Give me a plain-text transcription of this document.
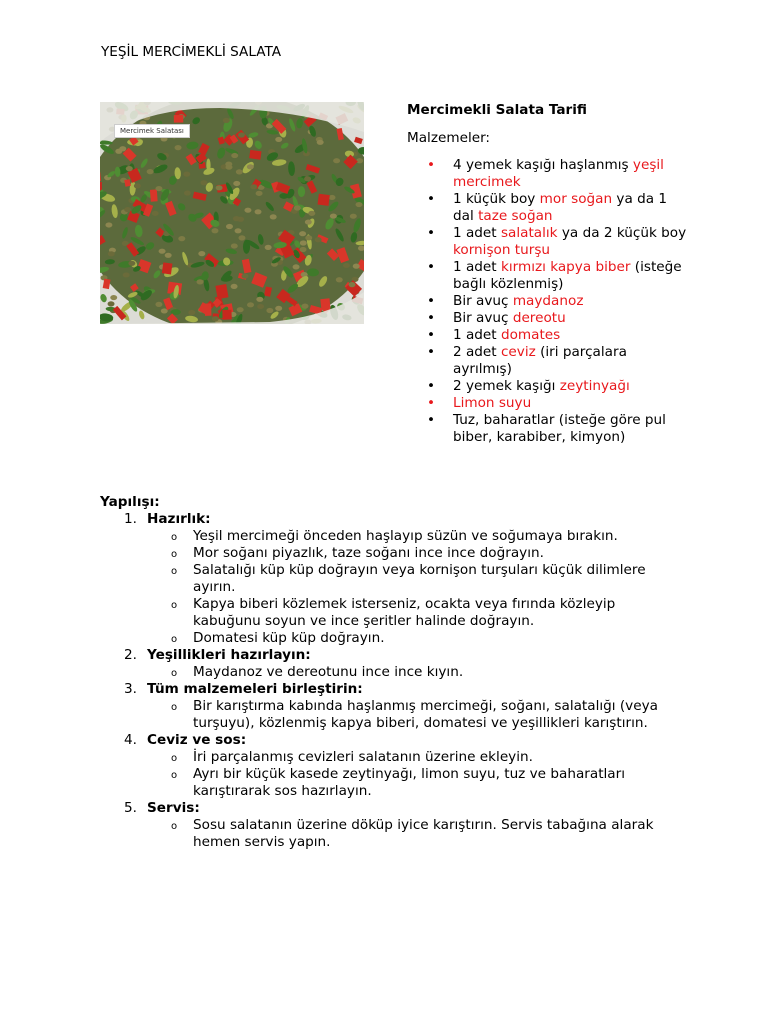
YEŞİL MERCİMEKLİ SALATA
Mercimek Salatası

Mercimekli Salata Tarifi

Malzemeler:
• 4 yemek kaşığı haşlanmış yeşil mercimek
• 1 küçük boy mor soğan ya da 1 dal taze soğan
• 1 adet salatalık ya da 2 küçük boy kornişon turşu
• 1 adet kırmızı kapya biber (isteğe bağlı közlenmiş)
• Bir avuç maydanoz
• Bir avuç dereotu
• 1 adet domates
• 2 adet ceviz (iri parçalara ayrılmış)
• 2 yemek kaşığı zeytinyağı
• Limon suyu
• Tuz, baharatlar (isteğe göre pul biber, karabiber, kimyon)
Yapılışı:
1. Hazırlık:
o Yeşil mercimeği önceden haşlayıp süzün ve soğumaya bırakın.
o Mor soğanı piyazlık, taze soğanı ince ince doğrayın.
o Salatalığı küp küp doğrayın veya kornişon turşuları küçük dilimlere ayırın.
o Kapya biberi közlemek isterseniz, ocakta veya fırında közleyip kabuğunu soyun ve ince şeritler halinde doğrayın.
o Domatesi küp küp doğrayın.
2. Yeşillikleri hazırlayın:
o Maydanoz ve dereotunu ince ince kıyın.
3. Tüm malzemeleri birleştirin:
o Bir karıştırma kabında haşlanmış mercimeği, soğanı, salatalığı (veya turşuyu), közlenmiş kapya biberi, domatesi ve yeşillikleri karıştırın.
4. Ceviz ve sos:
o İri parçalanmış cevizleri salatanın üzerine ekleyin.
o Ayrı bir küçük kasede zeytinyağı, limon suyu, tuz ve baharatları karıştırarak sos hazırlayın.
5. Servis:
o Sosu salatanın üzerine döküp iyice karıştırın. Servis tabağına alarak hemen servis yapın.
